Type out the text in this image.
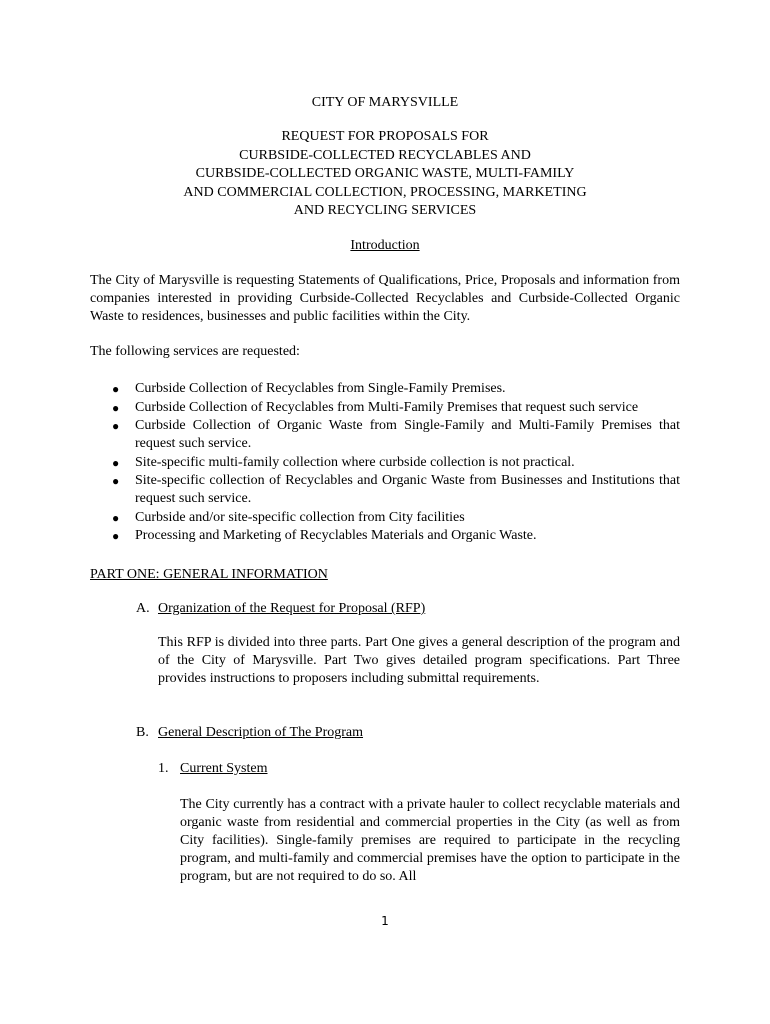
CITY OF MARYSVILLE
REQUEST FOR PROPOSALS FOR
CURBSIDE-COLLECTED RECYCLABLES AND
CURBSIDE-COLLECTED ORGANIC WASTE, MULTI-FAMILY
AND COMMERCIAL COLLECTION, PROCESSING, MARKETING
AND RECYCLING SERVICES
Introduction
The City of Marysville is requesting Statements of Qualifications, Price, Proposals and information from companies interested in providing Curbside-Collected Recyclables and Curbside-Collected Organic Waste to residences, businesses and public facilities within the City.
The following services are requested:
● Curbside Collection of Recyclables from Single-Family Premises.
● Curbside Collection of Recyclables from Multi-Family Premises that request such service
● Curbside Collection of Organic Waste from Single-Family and Multi-Family Premises that request such service.
● Site-specific multi-family collection where curbside collection is not practical.
● Site-specific collection of Recyclables and Organic Waste from Businesses and Institutions that request such service.
● Curbside and/or site-specific collection from City facilities
● Processing and Marketing of Recyclables Materials and Organic Waste.
PART ONE: GENERAL INFORMATION
A. Organization of the Request for Proposal (RFP)
This RFP is divided into three parts. Part One gives a general description of the program and of the City of Marysville. Part Two gives detailed program specifications. Part Three provides instructions to proposers including submittal requirements.
B. General Description of The Program
1. Current System
The City currently has a contract with a private hauler to collect recyclable materials and organic waste from residential and commercial properties in the City (as well as from City facilities). Single-family premises are required to participate in the recycling program, and multi-family and commercial premises have the option to participate in the program, but are not required to do so. All
1
